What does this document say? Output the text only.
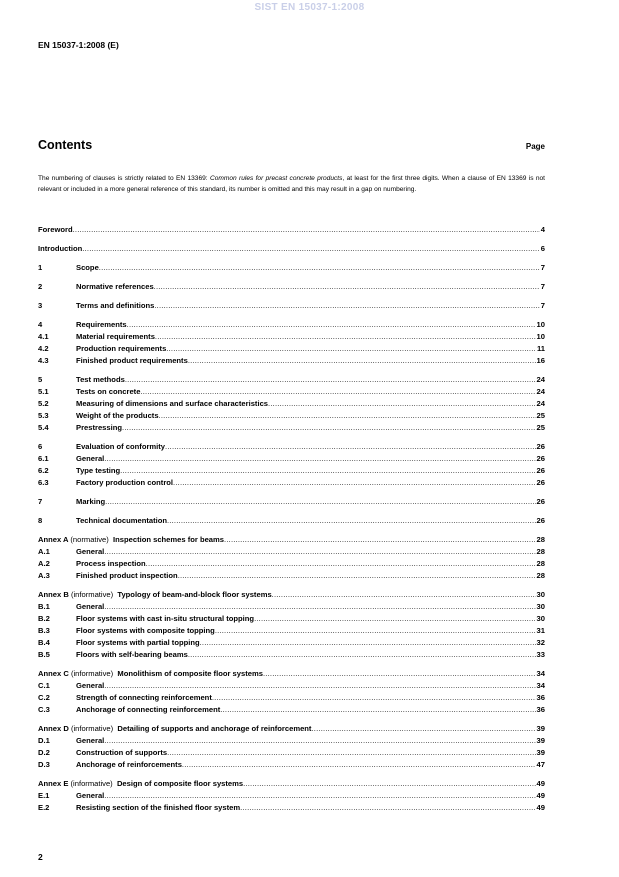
SIST EN 15037-1:2008
EN 15037-1:2008 (E)
Contents	Page

The numbering of clauses is strictly related to EN 13369: Common rules for precast concrete products, at least for the first three digits. When a clause of EN 13369 is not relevant or included in a more general reference of this standard, its number is omitted and this may result in a gap on numbering.

Foreword .....	4
Introduction .....	6
1	Scope .....	7
2	Normative references .....	7
3	Terms and definitions .....	7
4	Requirements .....	10
4.1	Material requirements .....	10
4.2	Production requirements .....	11
4.3	Finished product requirements .....	16
5	Test methods .....	24
5.1	Tests on concrete .....	24
5.2	Measuring of dimensions and surface characteristics .....	24
5.3	Weight of the products .....	25
5.4	Prestressing .....	25
6	Evaluation of conformity .....	26
6.1	General .....	26
6.2	Type testing .....	26
6.3	Factory production control .....	26
7	Marking .....	26
8	Technical documentation .....	26
Annex A (normative) Inspection schemes for beams .....	28
A.1	General .....	28
A.2	Process inspection .....	28
A.3	Finished product inspection .....	28
Annex B (informative) Typology of beam-and-block floor systems .....	30
B.1	General .....	30
B.2	Floor systems with cast in-situ structural topping .....	30
B.3	Floor systems with composite topping .....	31
B.4	Floor systems with partial topping .....	32
B.5	Floors with self-bearing beams .....	33
Annex C (informative) Monolithism of composite floor systems .....	34
C.1	General .....	34
C.2	Strength of connecting reinforcement .....	36
C.3	Anchorage of connecting reinforcement .....	36
Annex D (informative) Detailing of supports and anchorage of reinforcement .....	39
D.1	General .....	39
D.2	Construction of supports .....	39
D.3	Anchorage of reinforcements .....	47
Annex E (informative) Design of composite floor systems .....	49
E.1	General .....	49
E.2	Resisting section of the finished floor system .....	49
2
